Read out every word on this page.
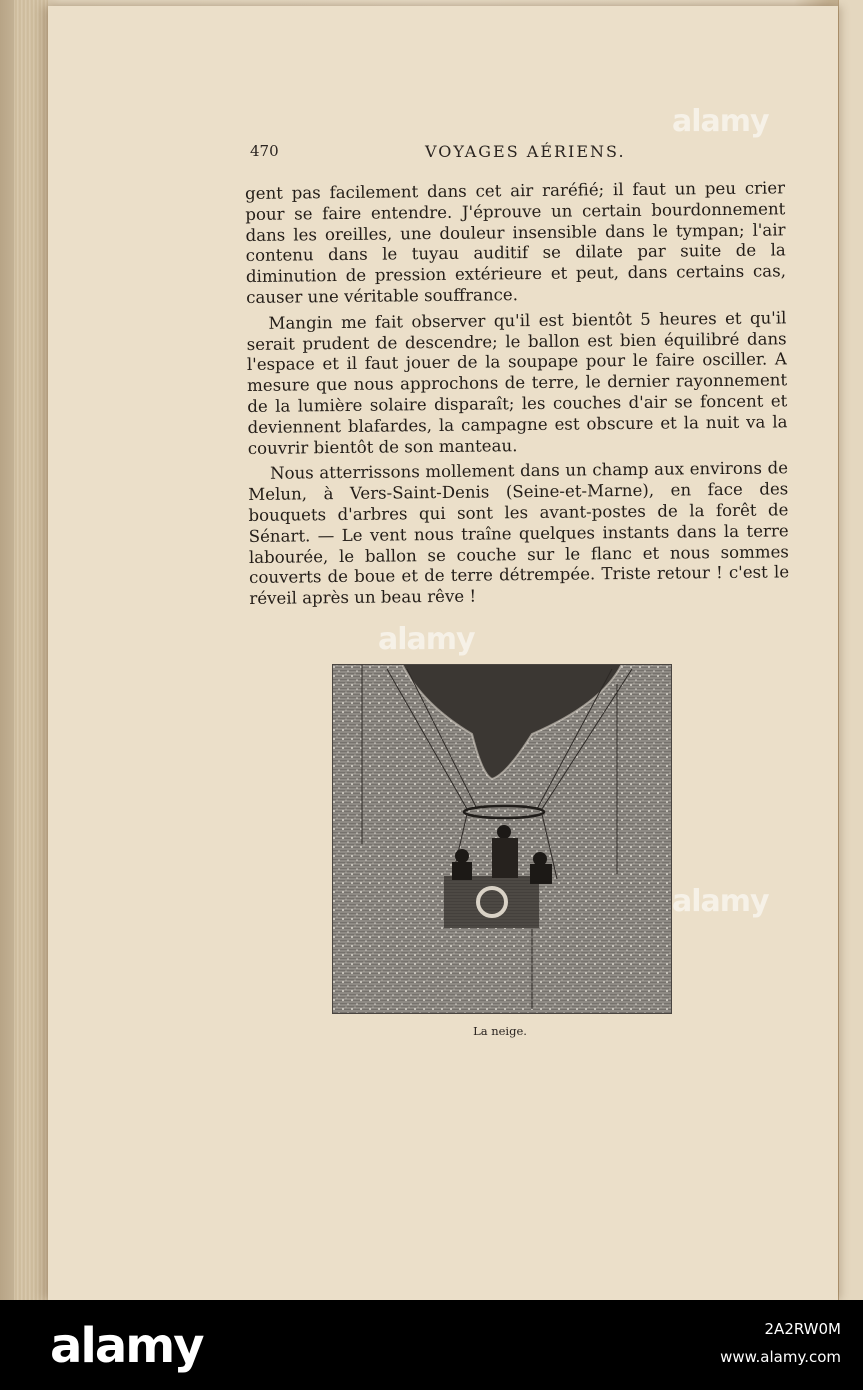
470	VOYAGES AÉRIENS.

gent pas facilement dans cet air raréfié; il faut un peu crier pour se faire entendre. J'éprouve un certain bourdonnement dans les oreilles, une douleur insensible dans le tympan; l'air contenu dans le tuyau auditif se dilate par suite de la diminution de pression extérieure et peut, dans certains cas, causer une véritable souffrance.

Mangin me fait observer qu'il est bientôt 5 heures et qu'il serait prudent de descendre; le ballon est bien équilibré dans l'espace et il faut jouer de la soupape pour le faire osciller. A mesure que nous approchons de terre, le dernier rayonnement de la lumière solaire disparaît; les couches d'air se foncent et deviennent blafardes, la campagne est obscure et la nuit va la couvrir bientôt de son manteau.

Nous atterrissons mollement dans un champ aux environs de Melun, à Vers-Saint-Denis (Seine-et-Marne), en face des bouquets d'arbres qui sont les avant-postes de la forêt de Sénart. — Le vent nous traîne quelques instants dans la terre labourée, le ballon se couche sur le flanc et nous sommes couverts de boue et de terre détrempée. Triste retour ! c'est le réveil après un beau rêve !

La neige.
alamy
alamy
alamy
alamy	2A2RW0M
www.alamy.com
